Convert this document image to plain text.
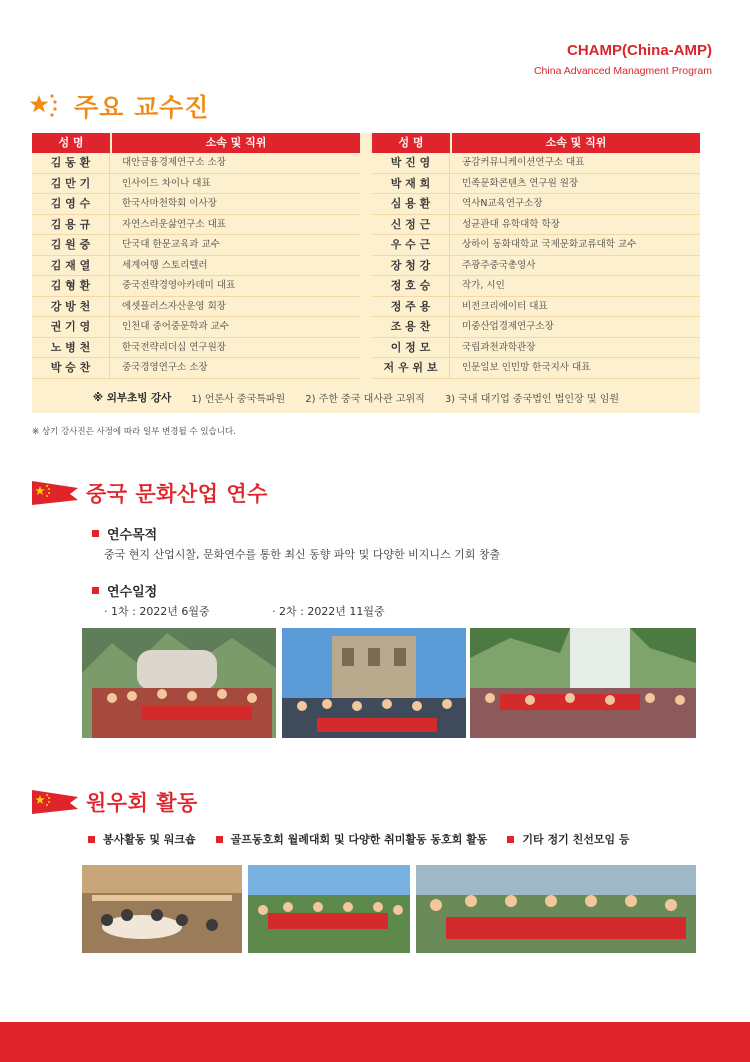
CHAMP(China-AMP)
China Advanced Managment Program
주요 교수진
성 명	소속 및 직위
김 동 환	대안금융경제연구소 소장
김 만 기	인사이드 차이나 대표
김 영 수	한국사마천학회 이사장
김 용 규	자연스러운삶연구소 대표
김 원 중	단국대 한문교육과 교수
김 재 열	세계여행 스토리텔러
김 형 환	중국전략경영아카데미 대표
강 방 천	에셋플러스자산운영 회장
권 기 영	인천대 중어중문학과 교수
노 병 천	한국전략리더십 연구원장
박 승 찬	중국경영연구소 소장
성 명	소속 및 직위
박 진 영	공감커뮤니케이션연구소 대표
박 재 희	민족문화콘텐츠 연구원 원장
심 용 환	역사N교육연구소장
신 정 근	성균관대 유학대학 학장
우 수 근	상하이 동화대학교 국제문화교류대학 교수
장 청 강	주광주중국총영사
정 호 승	작가, 시인
정 주 용	비전크리에이터 대표
조 용 찬	미중산업경제연구소장
이 정 모	국립과천과학관장
저 우 위 보	인문일보 인민망 한국지사 대표
※ 외부초빙 강사 1) 언론사 중국특파원 2) 주한 중국 대사관 고위직 3) 국내 대기업 중국법인 법인장 및 임원
※ 상기 강사진은 사정에 따라 일부 변경될 수 있습니다.
중국 문화산업 연수
연수목적
중국 현지 산업시찰, 문화연수를 통한 최신 동향 파악 및 다양한 비지니스 기회 창출
연수일정
· 1차 : 2022년 6월중	· 2차 : 2022년 11월중
원우회 활동
봉사활동 및 워크숍	골프동호회 월례대회 및 다양한 취미활동 동호회 활동	기타 정기 친선모임 등
